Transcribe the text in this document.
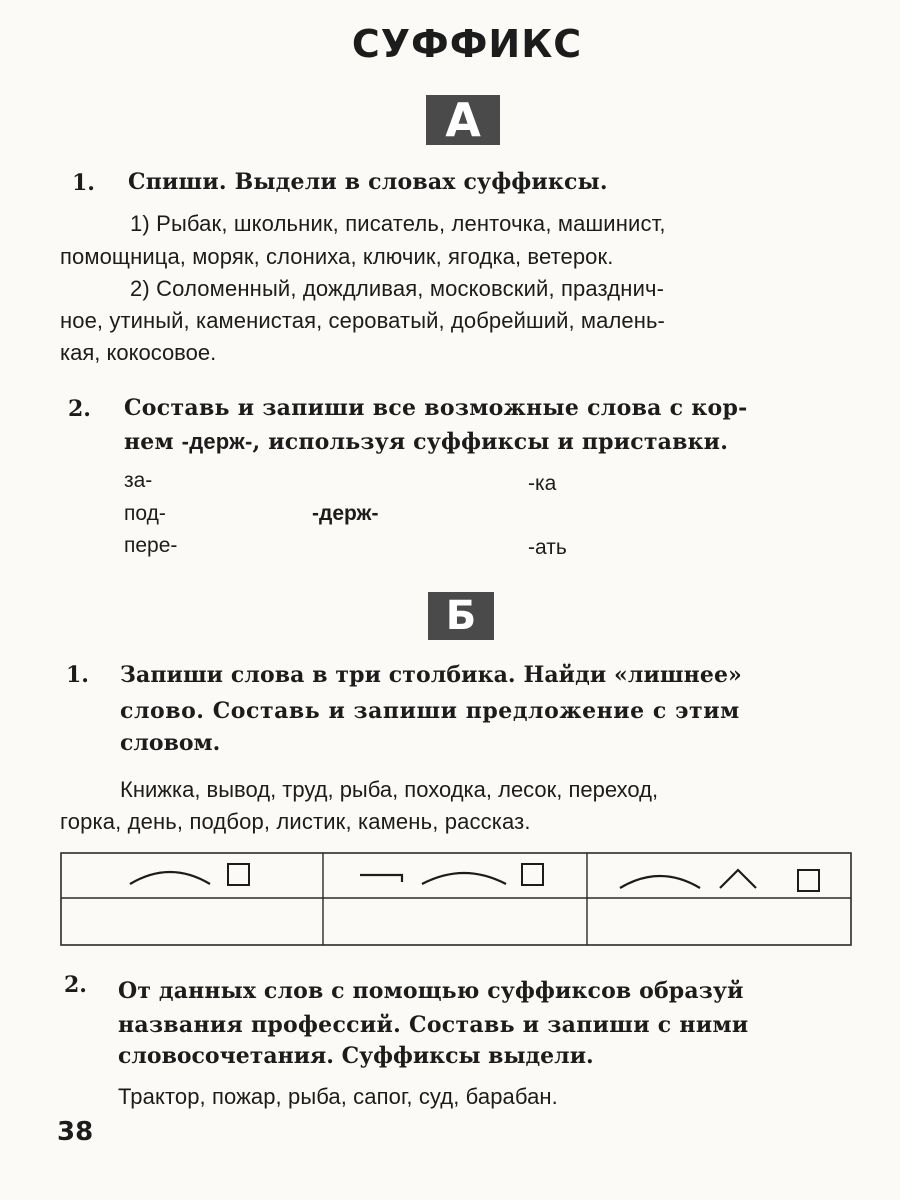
СУФФИКС
А
1. Спиши. Выдели в словах суффиксы.
1) Рыбак, школьник, писатель, ленточка, машинист,
помощница, моряк, слониха, ключик, ягодка, ветерок.
2) Соломенный, дождливая, московский, празднич-
ное, утиный, каменистая, сероватый, добрейший, малень-
кая, кокосовое.
2. Составь и запиши все возможные слова с кор-
нем -держ-, используя суффиксы и приставки.
за-
под-
пере-
-держ-
-ка
-ать
Б
1. Запиши слова в три столбика. Найди «лишнее»
слово. Составь и запиши предложение с этим
словом.
Книжка, вывод, труд, рыба, походка, лесок, переход,
горка, день, подбор, листик, камень, рассказ.
2. От данных слов с помощью суффиксов образуй
названия профессий. Составь и запиши с ними
словосочетания. Суффиксы выдели.
Трактор, пожар, рыба, сапог, суд, барабан.
38
